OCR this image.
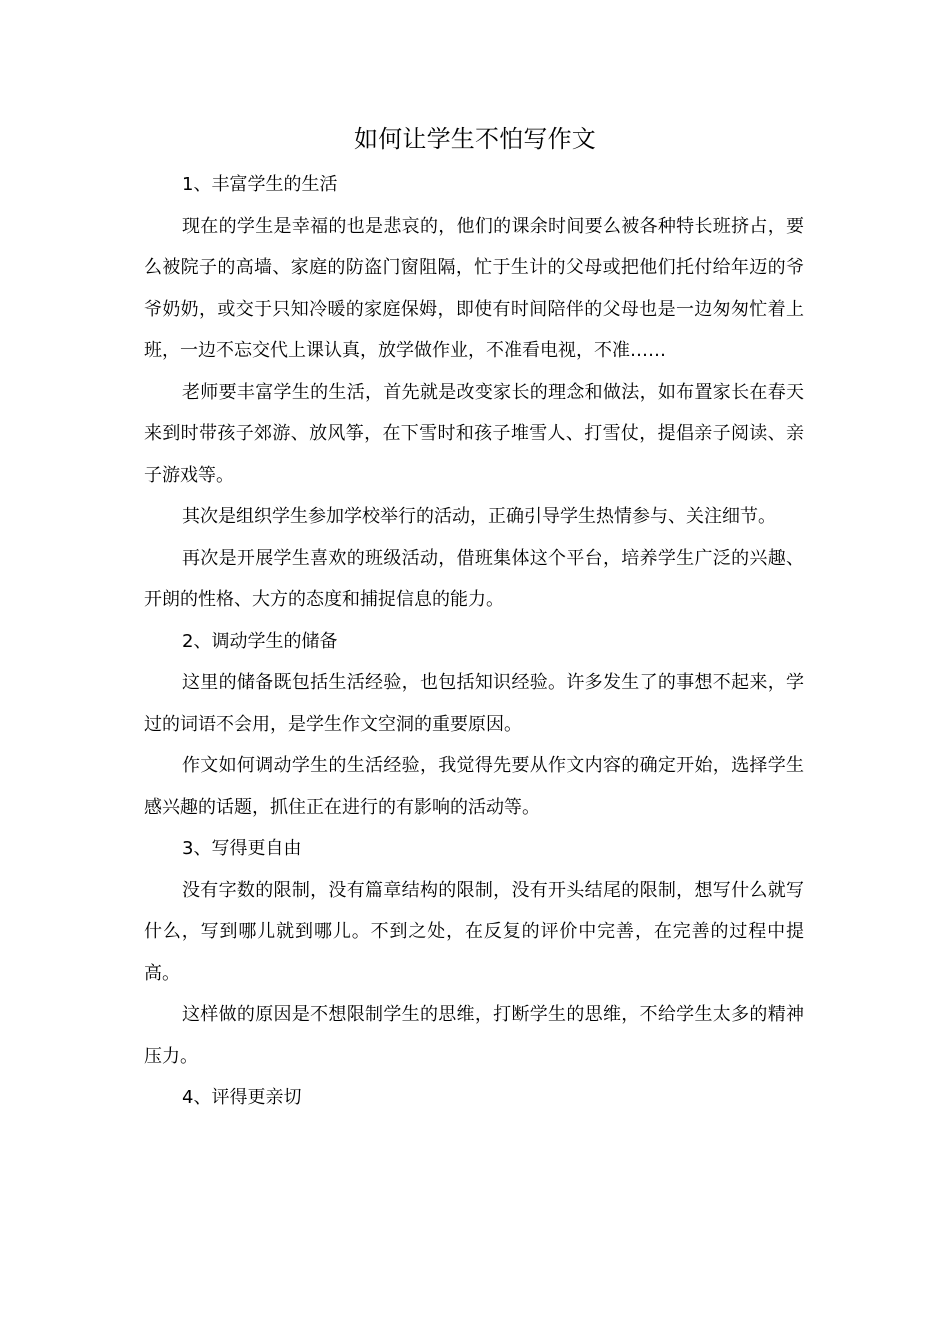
如何让学生不怕写作文

1、丰富学生的生活

现在的学生是幸福的也是悲哀的，他们的课余时间要么被各种特长班挤占，要么被院子的高墙、家庭的防盗门窗阻隔，忙于生计的父母或把他们托付给年迈的爷爷奶奶，或交于只知冷暖的家庭保姆，即使有时间陪伴的父母也是一边匆匆忙着上班，一边不忘交代上课认真，放学做作业，不准看电视，不准……

老师要丰富学生的生活，首先就是改变家长的理念和做法，如布置家长在春天来到时带孩子郊游、放风筝，在下雪时和孩子堆雪人、打雪仗，提倡亲子阅读、亲子游戏等。

其次是组织学生参加学校举行的活动，正确引导学生热情参与、关注细节。

再次是开展学生喜欢的班级活动，借班集体这个平台，培养学生广泛的兴趣、开朗的性格、大方的态度和捕捉信息的能力。

2、调动学生的储备

这里的储备既包括生活经验，也包括知识经验。许多发生了的事想不起来，学过的词语不会用，是学生作文空洞的重要原因。

作文如何调动学生的生活经验，我觉得先要从作文内容的确定开始，选择学生感兴趣的话题，抓住正在进行的有影响的活动等。

3、写得更自由

没有字数的限制，没有篇章结构的限制，没有开头结尾的限制，想写什么就写什么，写到哪儿就到哪儿。不到之处，在反复的评价中完善，在完善的过程中提高。

这样做的原因是不想限制学生的思维，打断学生的思维，不给学生太多的精神压力。

4、评得更亲切
